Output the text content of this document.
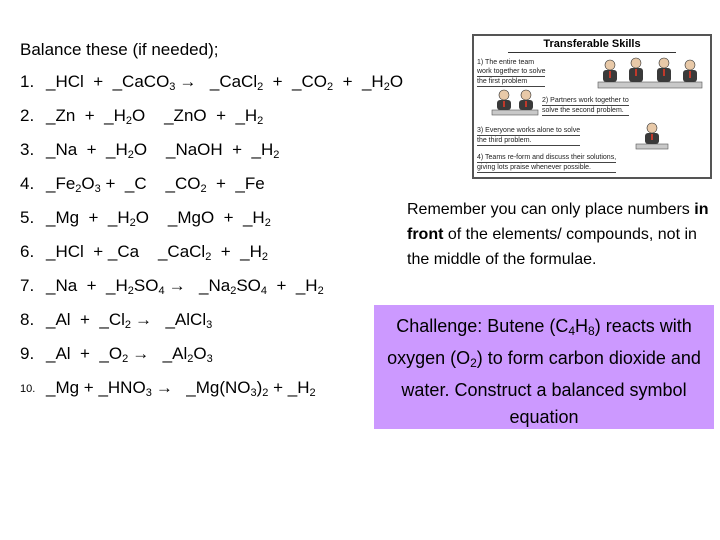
Balance these (if needed);
1. _HCl  +  _CaCO$_3$ →  _CaCl$_2$  +  $\_CO_2$  +  $\_H_2O$
2. _Zn  +  $\_H_2O$    _ZnO  +  $\_H_2$
3. _Na  +  $\_H_2O$    _NaOH  +  $\_H_2$
4. $\_Fe_2O_3$ +  _C    $\_CO_2$  +  _Fe
5. _Mg  +  $\_H_2O$    _MgO  +  $\_H_2$
6. _HCl  + _Ca    _CaCl$_2$  +  $\_H_2$
7. _Na  +  $\_H_2SO_4$ →  $\_Na_2SO_4$  +  $\_H_2$
8. _Al  +  $\_Cl_2$ →  _AlCl$_3$
9. _Al  +  $\_O_2$ →  $\_Al_2O_3$
10. _Mg + $\_HNO_3$ →  $\_Mg(NO_3)_2$ + $\_H_2$
Transferable Skills
1) The entire team
work together to solve
the first problem
2) Partners work together to
solve the second problem.
3) Everyone works alone to solve
the third problem.
4) Teams re-form and discuss their solutions,
giving lots praise whenever possible.
Remember you can only place numbers in front of the elements/ compounds, not in the middle of the formulae.
Challenge: Butene $(C_4H_8)$ reacts with oxygen $(O_2)$ to form carbon dioxide and water. Construct a balanced symbol equation
